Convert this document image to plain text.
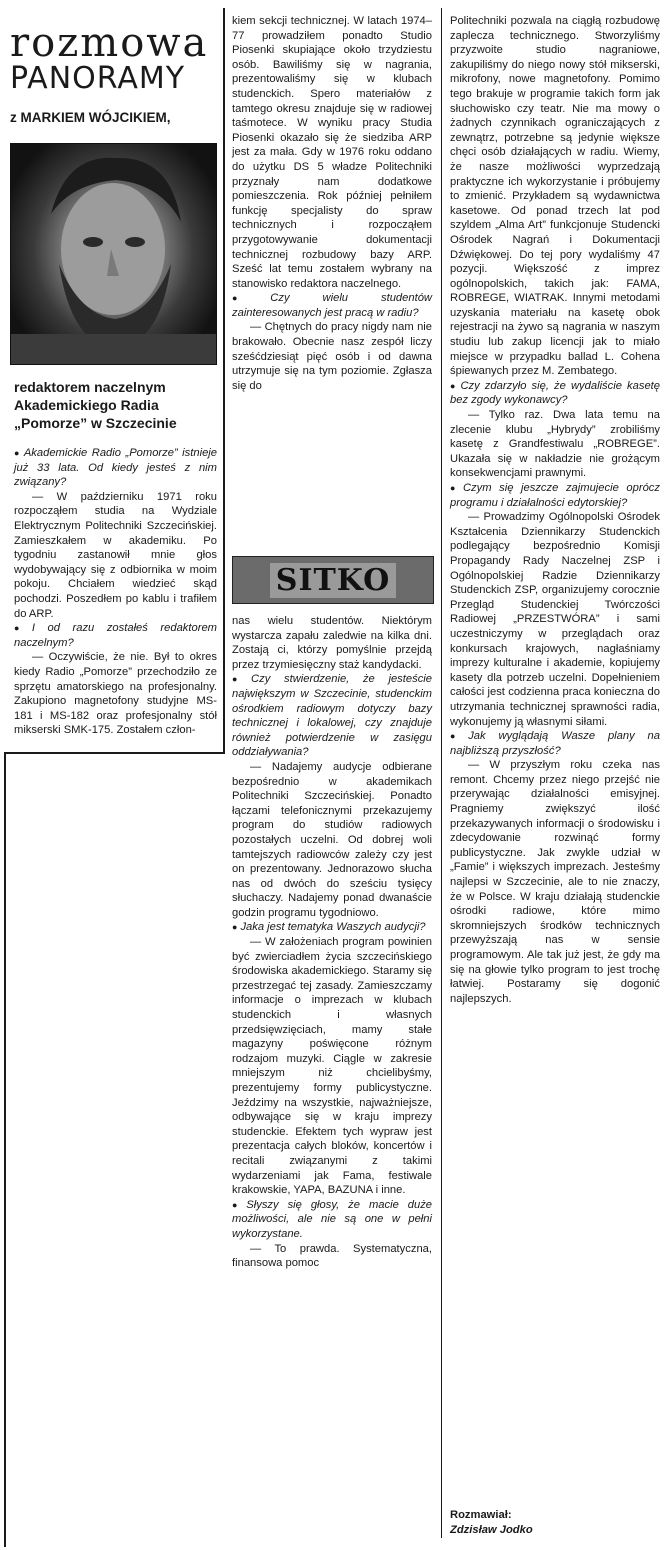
rozmowa
PANORAMY
z MARKIEM WÓJCIKIEM,
redaktorem naczelnym Akademickiego Radia „Pomorze” w Szczecinie

● Akademickie Radio „Pomorze” istnieje już 33 lata. Od kiedy jesteś z nim związany?

— W październiku 1971 roku rozpocząłem studia na Wydziale Elektrycznym Politechniki Szczecińskiej. Zamieszkałem w akademiku. Po tygodniu zastanowił mnie głos wydobywający się z odbiornika w moim pokoju. Chciałem wiedzieć skąd pochodzi. Poszedłem po kablu i trafiłem do ARP.

● I od razu zostałeś redaktorem naczelnym?

— Oczywiście, że nie. Był to okres kiedy Radio „Pomorze” przechodziło ze sprzętu amatorskiego na profesjonalny. Zakupiono magnetofony studyjne MS-181 i MS-182 oraz profesjonalny stół mikserski SMK-175. Zostałem człon-

kiem sekcji technicznej. W latach 1974–77 prowadziłem ponadto Studio Piosenki skupiające około trzydziestu osób. Bawiliśmy się w nagrania, prezentowaliśmy się w klubach studenckich. Spero materiałów z tamtego okresu znajduje się w radiowej taśmotece. W wyniku pracy Studia Piosenki okazało się że siedziba ARP jest za mała. Gdy w 1976 roku oddano do użytku DS 5 władze Politechniki przyznały nam dodatkowe pomieszczenia. Rok później pełniłem funkcję specjalisty do spraw technicznych i rozpocząłem przygotowywanie dokumentacji technicznej rozbudowy bazy ARP. Sześć lat temu zostałem wybrany na stanowisko redaktora naczelnego.

● Czy wielu studentów zainteresowanych jest pracą w radiu?

— Chętnych do pracy nigdy nam nie brakowało. Obecnie nasz zespół liczy sześćdziesiąt pięć osób i od dawna utrzymuje się na tym poziomie. Zgłasza się do

SITKO

nas wielu studentów. Niektórym wystarcza zapału zaledwie na kilka dni. Zostają ci, którzy pomyślnie przejdą przez trzymiesięczny staż kandydacki.

● Czy stwierdzenie, że jesteście największym w Szczecinie, studenckim ośrodkiem radiowym dotyczy bazy technicznej i lokalowej, czy znajduje również potwierdzenie w zasięgu oddziaływania?

— Nadajemy audycje odbierane bezpośrednio w akademikach Politechniki Szczecińskiej. Ponadto łączami telefonicznymi przekazujemy program do studiów radiowych pozostałych uczelni. Od dobrej woli tamtejszych radiowców zależy czy jest on prezentowany. Jednorazowo słucha nas od dwóch do sześciu tysięcy słuchaczy. Nadajemy ponad dwanaście godzin programu tygodniowo.

● Jaka jest tematyka Waszych audycji?

— W założeniach program powinien być zwierciadłem życia szczecińskiego środowiska akademickiego. Staramy się przestrzegać tej zasady. Zamieszczamy informacje o imprezach w klubach studenckich i własnych przedsięwzięciach, mamy stałe magazyny poświęcone różnym rodzajom muzyki. Ciągle w zakresie mniejszym niż chcielibyśmy, prezentujemy formy publicystyczne. Jeździmy na wszystkie, najważniejsze, odbywające się w kraju imprezy studenckie. Efektem tych wypraw jest prezentacja całych bloków, koncertów i recitali związanymi z takimi wydarzeniami jak Fama, festiwale krakowskie, YAPA, BAZUNA i inne.

● Słyszy się głosy, że macie duże możliwości, ale nie są one w pełni wykorzystane.

— To prawda. Systematyczna, finansowa pomoc

Politechniki pozwala na ciągłą rozbudowę zaplecza technicznego. Stworzyliśmy przyzwoite studio nagraniowe, zakupiliśmy do niego nowy stół mikserski, mikrofony, nowe magnetofony. Pomimo tego brakuje w programie takich form jak słuchowisko czy teatr. Nie ma mowy o żadnych czynnikach ograniczających z zewnątrz, potrzebne są jedynie większe chęci osób działających w radiu. Wiemy, że nasze możliwości wyprzedzają praktyczne ich wykorzystanie i próbujemy to zmienić. Przykładem są wydawnictwa kasetowe. Od ponad trzech lat pod szyldem „Alma Art” funkcjonuje Studencki Ośrodek Nagrań i Dokumentacji Dźwiękowej. Do tej pory wydaliśmy 47 pozycji. Większość z imprez ogólnopolskich, takich jak: FAMA, ROBREGE, WIATRAK. Innymi metodami uzyskania materiału na kasetę obok rejestracji na żywo są nagrania w naszym studiu lub zakup licencji jak to miało miejsce w przypadku ballad L. Cohena śpiewanych przez M. Zembatego.

● Czy zdarzyło się, że wydaliście kasetę bez zgody wykonawcy?

— Tylko raz. Dwa lata temu na zlecenie klubu „Hybrydy” zrobiliśmy kasetę z Grandfestiwalu „ROBREGE”. Ukazała się w nakładzie nie grożącym konsekwencjami prawnymi.

● Czym się jeszcze zajmujecie oprócz programu i działalności edytorskiej?

— Prowadzimy Ogólnopolski Ośrodek Kształcenia Dziennikarzy Studenckich podlegający bezpośrednio Komisji Propagandy Rady Naczelnej ZSP i Ogólnopolskiej Radzie Dziennikarzy Studenckich ZSP, organizujemy corocznie Przegląd Studenckiej Twórczości Radiowej „PRZESTWÓRA” i sami uczestniczymy w przeglądach oraz konkursach krajowych, nagłaśniamy imprezy kulturalne i akademie, kopiujemy kasety dla potrzeb uczelni. Dopełnieniem całości jest codzienna praca konieczna do utrzymania technicznej sprawności radia, wykonujemy ją własnymi siłami.

● Jak wyglądają Wasze plany na najbliższą przyszłość?

— W przyszłym roku czeka nas remont. Chcemy przez niego przejść nie przerywając działalności emisyjnej. Pragniemy zwiększyć ilość przekazywanych informacji o środowisku i zdecydowanie rozwinąć formy publicystyczne. Jak zwykle udział w „Famie” i większych imprezach. Jesteśmy najlepsi w Szczecinie, ale to nie znaczy, że w Polsce. W kraju działają studenckie ośrodki radiowe, które mimo skromniejszych środków technicznych przewyższają nas w sensie programowym. Ale tak już jest, że gdy ma się na głowie tylko program to jest trochę łatwiej. Postaramy się dogonić najlepszych.

Rozmawiał:

Zdzisław Jodko
